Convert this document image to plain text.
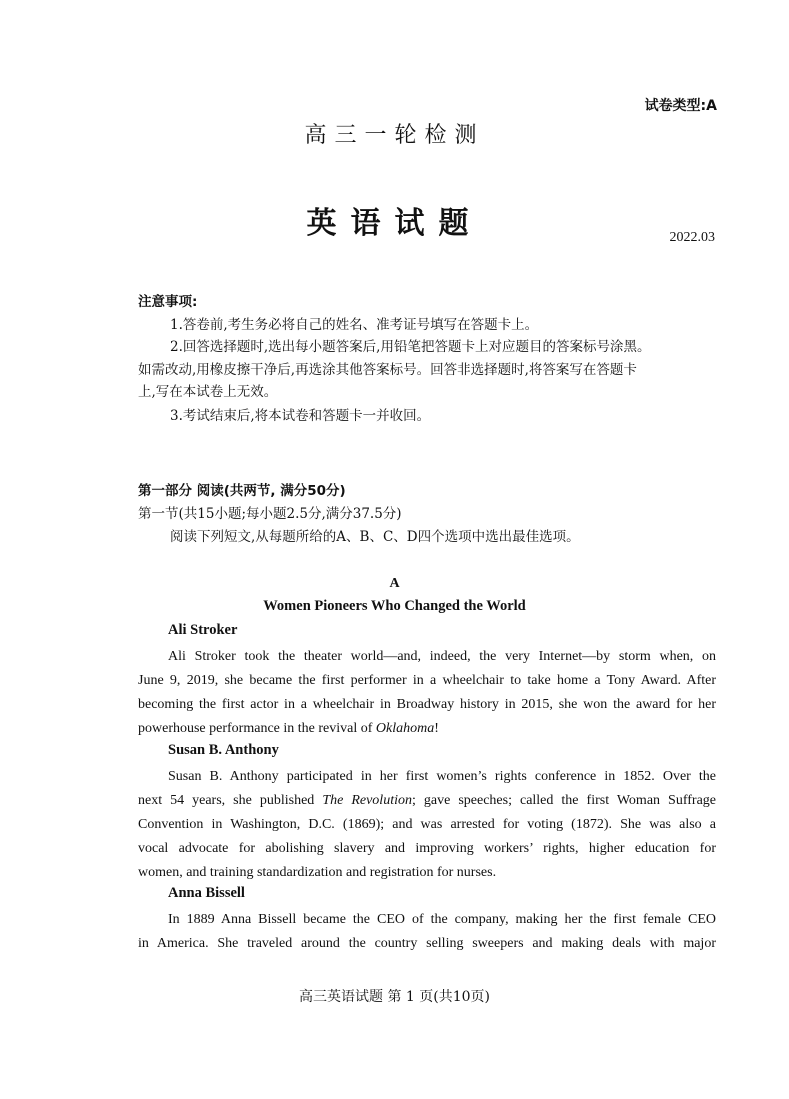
试卷类型:A
高三一轮检测
英语试题	2022.03
注意事项:
1.答卷前,考生务必将自己的姓名、准考证号填写在答题卡上。
2.回答选择题时,选出每小题答案后,用铅笔把答题卡上对应题目的答案标号涂黑。
如需改动,用橡皮擦干净后,再选涂其他答案标号。回答非选择题时,将答案写在答题卡
上,写在本试卷上无效。
3.考试结束后,将本试卷和答题卡一并收回。
第一部分 阅读(共两节, 满分50分)
第一节(共15小题;每小题2.5分,满分37.5分)
阅读下列短文,从每题所给的A、B、C、D四个选项中选出最佳选项。
A
Women Pioneers Who Changed the World
Ali Stroker
Ali Stroker took the theater world—and, indeed, the very Internet—by storm when, on
June 9, 2019, she became the first performer in a wheelchair to take home a Tony Award. After
becoming the first actor in a wheelchair in Broadway history in 2015, she won the award for her
powerhouse performance in the revival of Oklahoma!
Susan B. Anthony
Susan B. Anthony participated in her first women’s rights conference in 1852. Over the
next 54 years, she published The Revolution; gave speeches; called the first Woman Suffrage
Convention in Washington, D.C. (1869); and was arrested for voting (1872). She was also a
vocal advocate for abolishing slavery and improving workers’ rights, higher education for
women, and training standardization and registration for nurses.
Anna Bissell
In 1889 Anna Bissell became the CEO of the company, making her the first female CEO
in America. She traveled around the country selling sweepers and making deals with major
高三英语试题 第 1 页(共10页)
